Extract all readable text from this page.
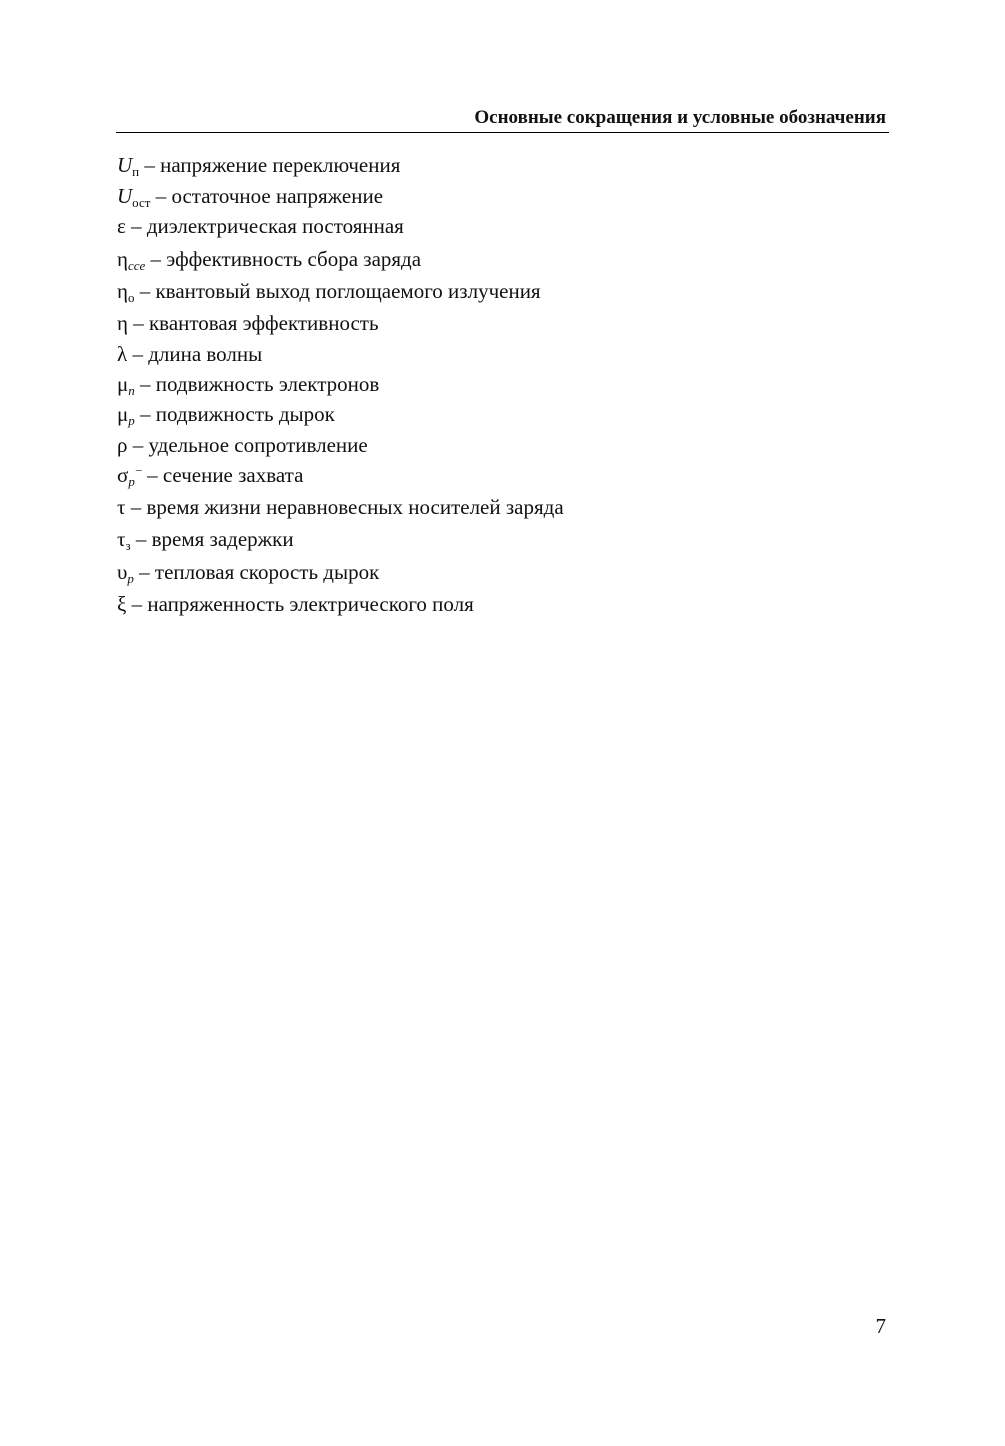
Основные сокращения и условные обозначения
Uп – напряжение переключения
Uост – остаточное напряжение
ε – диэлектрическая постоянная
ηcce – эффективность сбора заряда
ηo – квантовый выход поглощаемого излучения
η – квантовая эффективность
λ – длина волны
μn – подвижность электронов
μp – подвижность дырок
ρ – удельное сопротивление
σp– – сечение захвата
τ – время жизни неравновесных носителей заряда
τз – время задержки
υp – тепловая скорость дырок
ξ – напряженность электрического поля
7
